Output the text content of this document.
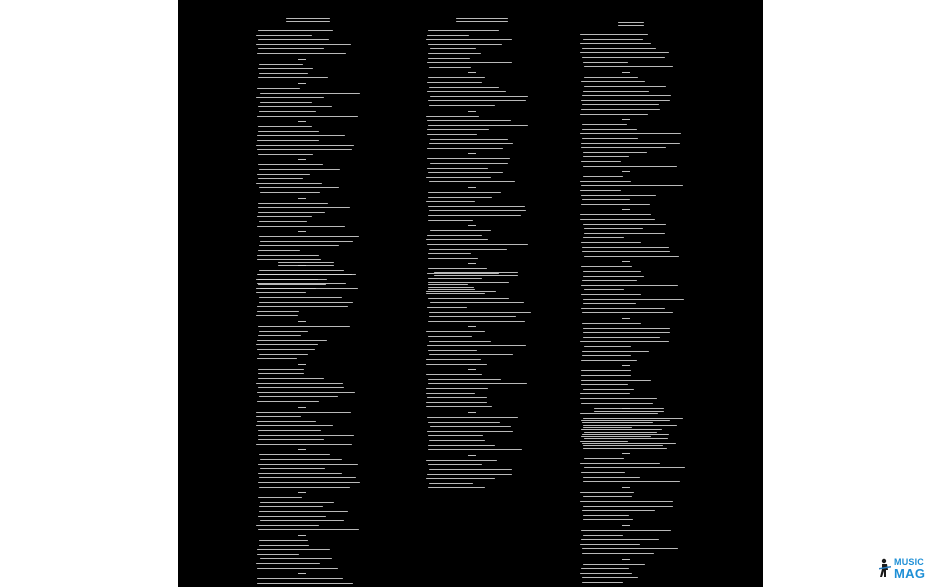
MUSIC
MAG
